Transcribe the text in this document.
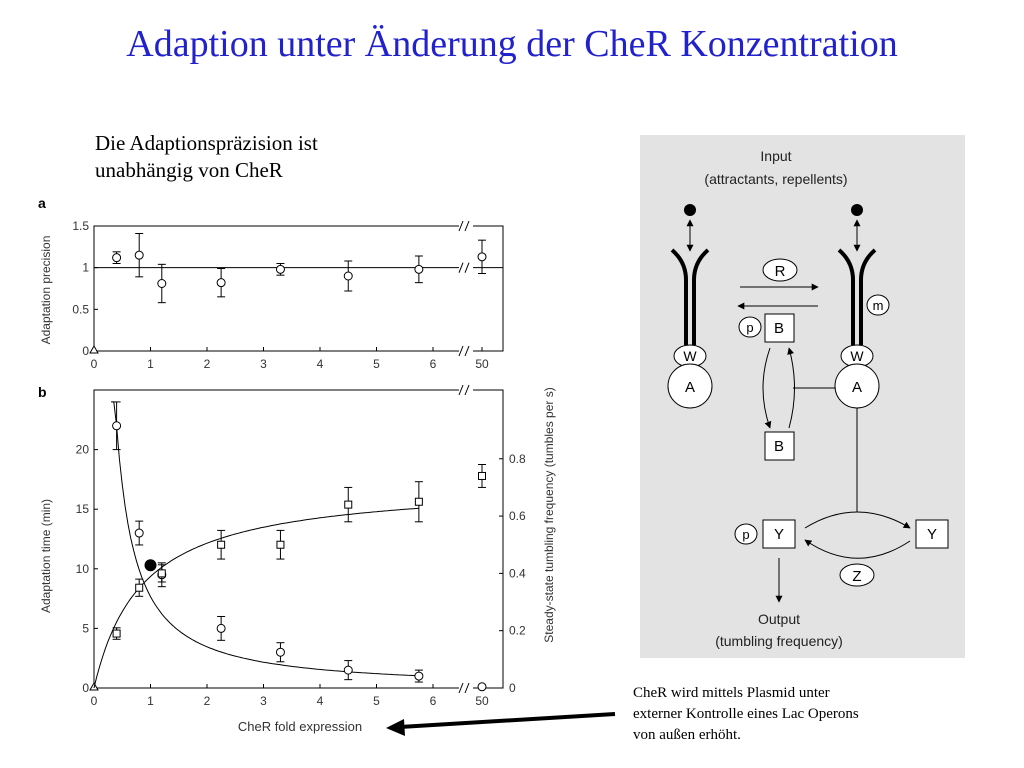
Adaption unter Änderung der CheR Konzentration
Die Adaptionspräzision ist
unabhängig von CheR
a
Adaptation precision
0
0.5
1
1.5
0	1	2	3	4	5	6	50
b
Adaptation time (min)	Steady-state tumbling frequency (tumbles per s)
CheR fold expression
0
5
10
15
20
0
0.2
0.4
0.6
0.8
0	1	2	3	4	5	6	50
Input
(attractants, repellents)
W
A
m
W
A
R
p B
B
p Y	Y
Z
Output
(tumbling frequency)
CheR wird mittels Plasmid unter
externer Kontrolle eines Lac Operons
von außen erhöht.
